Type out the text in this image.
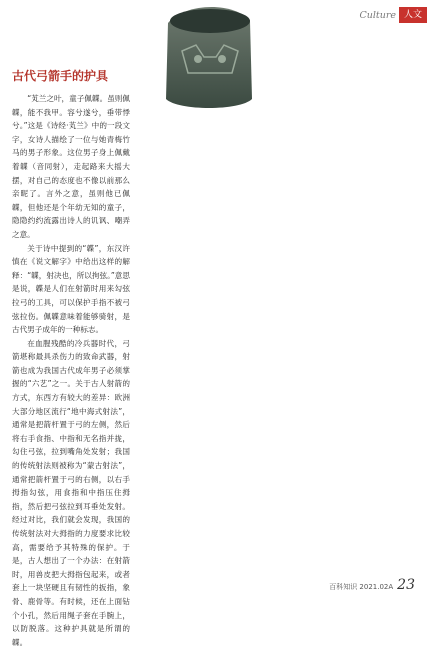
Culture 人文
古代弓箭手的护具

“芄兰之叶，童子佩韘。虽则佩韘，能不我甲。容兮遂兮，垂带悸兮。”这是《诗经·芄兰》中的一段文字，女诗人描绘了一位与她青梅竹马的男子形象。这位男子身上佩戴着韘（音同射），走起路来大摇大摆，对自己的态度也不像以前那么亲昵了。言外之意，虽则他已佩韘，但他还是个年幼无知的童子，隐隐约约流露出诗人的讥讽、嘲弄之意。

关于诗中提到的“韘”，东汉许慎在《说文解字》中给出这样的解释：“韘，射决也，所以拘弦。”意思是说，韘是人们在射箭时用来勾弦拉弓的工具，可以保护手指不被弓弦拉伤。佩韘意味着能够骑射，是古代男子成年的一种标志。

在血腥残酷的冷兵器时代，弓箭堪称最具杀伤力的致命武器，射箭也成为我国古代成年男子必须掌握的“六艺”之一。关于古人射箭的方式，东西方有较大的差异：欧洲大部分地区流行“地中海式射法”，通常是把箭杆置于弓的左侧，然后将右手食指、中指和无名指并拢，勾住弓弦，拉到嘴角处发射；我国的传统射法则被称为“蒙古射法”，通常把箭杆置于弓的右侧，以右手拇指勾弦，用食指和中指压住拇指，然后把弓弦拉到耳垂处发射。经过对比，我们就会发现，我国的传统射法对大拇指的力度要求比较高，需要给予其特殊的保护。于是，古人想出了一个办法：在射箭时，用兽皮把大拇指包起来，或者套上一块坚硬且有韧性的扳指，象骨、鹿骨等。有时候，还在上面钻个小孔，然后用绳子套在手腕上，以防脱落。这种护具就是所谓的韘。

百科知识 2021.02A 23
